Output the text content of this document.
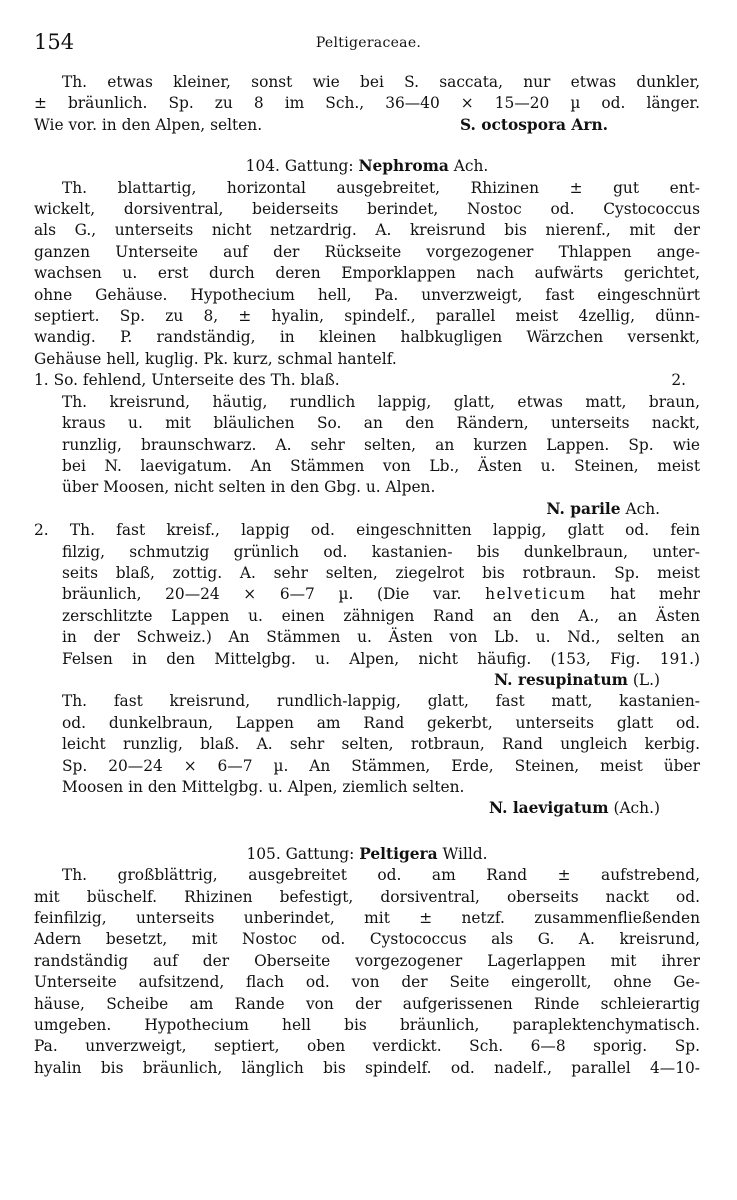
154	Peltigeraceae.
Th. etwas kleiner, sonst wie bei S. saccata, nur etwas dunkler,
± bräunlich. Sp. zu 8 im Sch., 36—40 × 15—20 µ od. länger.
Wie vor. in den Alpen, selten.	S. octospora Arn.
104. Gattung: Nephroma Ach.
Th. blattartig, horizontal ausgebreitet, Rhizinen ± gut ent-
wickelt, dorsiventral, beiderseits berindet, Nostoc od. Cystococcus
als G., unterseits nicht netzardrig. A. kreisrund bis nierenf., mit der
ganzen Unterseite auf der Rückseite vorgezogener Thlappen ange-
wachsen u. erst durch deren Emporklappen nach aufwärts gerichtet,
ohne Gehäuse. Hypothecium hell, Pa. unverzweigt, fast eingeschnürt
septiert. Sp. zu 8, ± hyalin, spindelf., parallel meist 4zellig, dünn-
wandig. P. randständig, in kleinen halbkugligen Wärzchen versenkt,
Gehäuse hell, kuglig. Pk. kurz, schmal hantelf.
1. So. fehlend, Unterseite des Th. blaß.	2.
Th. kreisrund, häutig, rundlich lappig, glatt, etwas matt, braun,
kraus u. mit bläulichen So. an den Rändern, unterseits nackt,
runzlig, braunschwarz. A. sehr selten, an kurzen Lappen. Sp. wie
bei N. laevigatum. An Stämmen von Lb., Ästen u. Steinen, meist
über Moosen, nicht selten in den Gbg. u. Alpen.
N. parile Ach.
2. Th. fast kreisf., lappig od. eingeschnitten lappig, glatt od. fein
filzig, schmutzig grünlich od. kastanien- bis dunkelbraun, unter-
seits blaß, zottig. A. sehr selten, ziegelrot bis rotbraun. Sp. meist
bräunlich, 20—24 × 6—7 µ. (Die var. helveticum hat mehr
zerschlitzte Lappen u. einen zähnigen Rand an den A., an Ästen
in der Schweiz.) An Stämmen u. Ästen von Lb. u. Nd., selten an
Felsen in den Mittelgbg. u. Alpen, nicht häufig. (153, Fig. 191.)
N. resupinatum (L.)
Th. fast kreisrund, rundlich-lappig, glatt, fast matt, kastanien-
od. dunkelbraun, Lappen am Rand gekerbt, unterseits glatt od.
leicht runzlig, blaß. A. sehr selten, rotbraun, Rand ungleich kerbig.
Sp. 20—24 × 6—7 µ. An Stämmen, Erde, Steinen, meist über
Moosen in den Mittelgbg. u. Alpen, ziemlich selten.
N. laevigatum (Ach.)
105. Gattung: Peltigera Willd.
Th. großblättrig, ausgebreitet od. am Rand ± aufstrebend,
mit büschelf. Rhizinen befestigt, dorsiventral, oberseits nackt od.
feinfilzig, unterseits unberindet, mit ± netzf. zusammenfließenden
Adern besetzt, mit Nostoc od. Cystococcus als G. A. kreisrund,
randständig auf der Oberseite vorgezogener Lagerlappen mit ihrer
Unterseite aufsitzend, flach od. von der Seite eingerollt, ohne Ge-
häuse, Scheibe am Rande von der aufgerissenen Rinde schleierartig
umgeben. Hypothecium hell bis bräunlich, paraplektenchymatisch.
Pa. unverzweigt, septiert, oben verdickt. Sch. 6—8 sporig. Sp.
hyalin bis bräunlich, länglich bis spindelf. od. nadelf., parallel 4—10-
